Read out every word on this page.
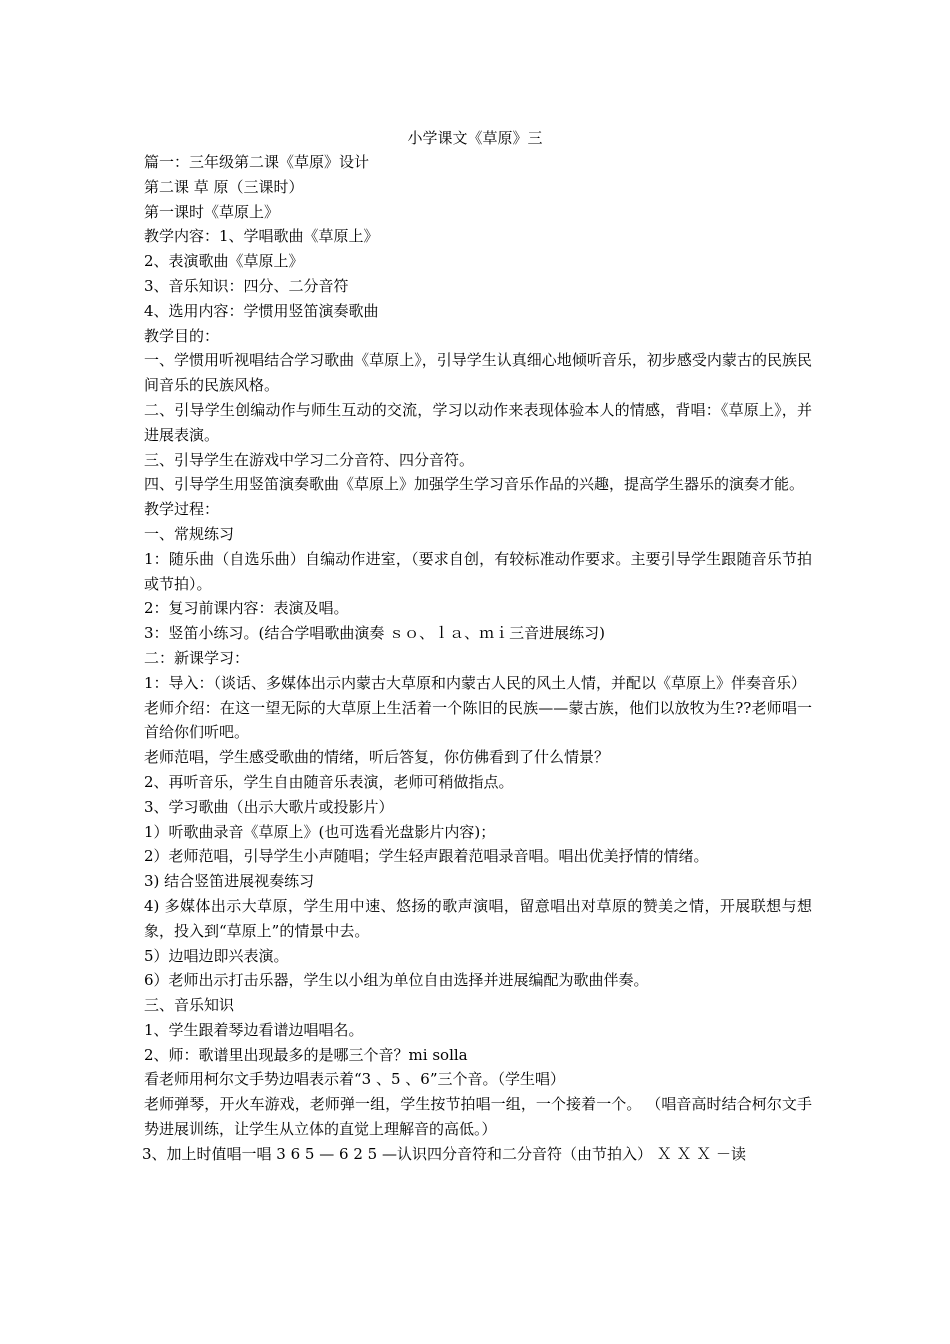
小学课文《草原》三

篇一：三年级第二课《草原》设计

第二课 草 原（三课时）

第一课时《草原上》

教学内容：1、学唱歌曲《草原上》

2、表演歌曲《草原上》

3、音乐知识：四分、二分音符

4、选用内容：学惯用竖笛演奏歌曲

教学目的：

一、学惯用听视唱结合学习歌曲《草原上》，引导学生认真细心地倾听音乐，初步感受内蒙古的民族民间音乐的民族风格。

二、引导学生创编动作与师生互动的交流，学习以动作来表现体验本人的情感，背唱：《草原上》，并进展表演。

三、引导学生在游戏中学习二分音符、四分音符。

四、引导学生用竖笛演奏歌曲《草原上》加强学生学习音乐作品的兴趣，提高学生器乐的演奏才能。

教学过程：

一、常规练习

1：随乐曲（自选乐曲）自编动作进室，（要求自创，有较标准动作要求。主要引导学生跟随音乐节拍或节拍）。

2：复习前课内容：表演及唱。

3：竖笛小练习。(结合学唱歌曲演奏 ｓｏ、ｌａ、ｍｉ三音进展练习)

二：新课学习：

1：导入：（谈话、多媒体出示内蒙古大草原和内蒙古人民的风土人情，并配以《草原上》伴奏音乐）

老师介绍：在这一望无际的大草原上生活着一个陈旧的民族——蒙古族，他们以放牧为生??老师唱一首给你们听吧。

老师范唱，学生感受歌曲的情绪，听后答复，你仿佛看到了什么情景？

2、再听音乐，学生自由随音乐表演，老师可稍做指点。

3、学习歌曲（出示大歌片或投影片）

1）听歌曲录音《草原上》(也可选看光盘影片内容)；

2）老师范唱，引导学生小声随唱；学生轻声跟着范唱录音唱。唱出优美抒情的情绪。

3) 结合竖笛进展视奏练习

4) 多媒体出示大草原，学生用中速、悠扬的歌声演唱，留意唱出对草原的赞美之情，开展联想与想象，投入到“草原上”的情景中去。

5）边唱边即兴表演。

6）老师出示打击乐器，学生以小组为单位自由选择并进展编配为歌曲伴奏。

三、音乐知识

1、学生跟着琴边看谱边唱唱名。

2、师：歌谱里出现最多的是哪三个音？mi solla

看老师用柯尔文手势边唱表示着“3 、5 、6”三个音。（学生唱）

老师弹琴，开火车游戏，老师弹一组，学生按节拍唱一组，一个接着一个。 （唱音高时结合柯尔文手势进展训练，让学生从立体的直觉上理解音的高低。）

3、加上时值唱一唱 3 6 5 — 6 2 5 —认识四分音符和二分音符（由节拍入） Ｘ Ｘ Ｘ －读
